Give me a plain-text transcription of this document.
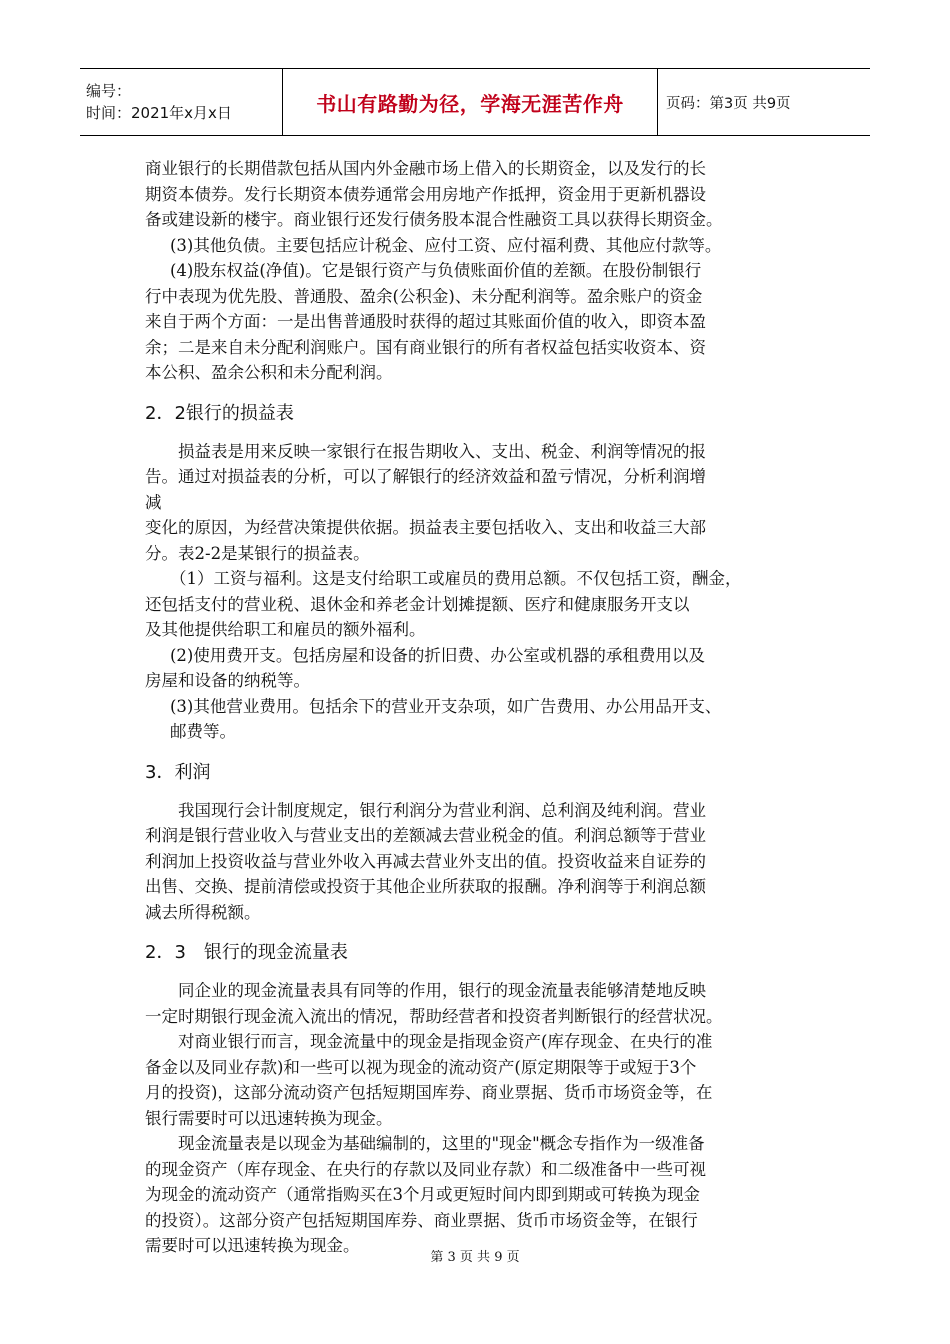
编号：
时间：2021年x月x日	书山有路勤为径，学海无涯苦作舟	页码：第3页 共9页

商业银行的长期借款包括从国内外金融市场上借入的长期资金，以及发行的长

期资本债券。发行长期资本债券通常会用房地产作抵押，资金用于更新机器设

备或建设新的楼宇。商业银行还发行债务股本混合性融资工具以获得长期资金。

(3)其他负债。主要包括应计税金、应付工资、应付福利费、其他应付款等。

(4)股东权益(净值)。它是银行资产与负债账面价值的差额。在股份制银行

行中表现为优先股、普通股、盈余(公积金)、未分配利润等。盈余账户的资金

来自于两个方面：一是出售普通股时获得的超过其账面价值的收入，即资本盈

余；二是来自未分配利润账户。国有商业银行的所有者权益包括实收资本、资

本公积、盈余公积和未分配利润。

2．2银行的损益表

损益表是用来反映一家银行在报告期收入、支出、税金、利润等情况的报

告。通过对损益表的分析，可以了解银行的经济效益和盈亏情况，分析利润增

减

变化的原因，为经营决策提供依据。损益表主要包括收入、支出和收益三大部

分。表2-2是某银行的损益表。

（1）工资与福利。这是支付给职工或雇员的费用总额。不仅包括工资，酬金，

还包括支付的营业税、退休金和养老金计划摊提额、医疗和健康服务开支以

及其他提供给职工和雇员的额外福利。

(2)使用费开支。包括房屋和设备的折旧费、办公室或机器的承租费用以及

房屋和设备的纳税等。

(3)其他营业费用。包括余下的营业开支杂项，如广告费用、办公用品开支、

邮费等。

3．利润

我国现行会计制度规定，银行利润分为营业利润、总利润及纯利润。营业

利润是银行营业收入与营业支出的差额减去营业税金的值。利润总额等于营业

利润加上投资收益与营业外收入再减去营业外支出的值。投资收益来自证券的

出售、交换、提前清偿或投资于其他企业所获取的报酬。净利润等于利润总额

减去所得税额。

2．3　银行的现金流量表

同企业的现金流量表具有同等的作用，银行的现金流量表能够清楚地反映

一定时期银行现金流入流出的情况，帮助经营者和投资者判断银行的经营状况。

对商业银行而言，现金流量中的现金是指现金资产(库存现金、在央行的准

备金以及同业存款)和一些可以视为现金的流动资产(原定期限等于或短于3个

月的投资)，这部分流动资产包括短期国库券、商业票据、货币市场资金等，在

银行需要时可以迅速转换为现金。

现金流量表是以现金为基础编制的，这里的"现金"概念专指作为一级准备

的现金资产（库存现金、在央行的存款以及同业存款）和二级准备中一些可视

为现金的流动资产（通常指购买在3个月或更短时间内即到期或可转换为现金

的投资）。这部分资产包括短期国库券、商业票据、货币市场资金等，在银行

需要时可以迅速转换为现金。

第 3 页 共 9 页
